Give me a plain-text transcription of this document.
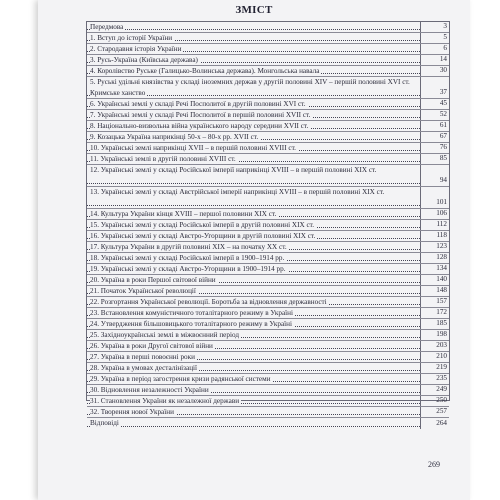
ЗМІСТ
Передмова	3
1. Вступ до історії України	5
2. Стародавня історія України	6
3. Русь-Україна (Київська держава)	14
4. Королівство Руське (Галицько-Волинська держава). Монгольська навала	30
5. Руські удільні князівства у складі іноземних держав у другій половині XIV – першій половині XVI ст. Кримське ханство	37
6. Українські землі у складі Речі Посполитої в другій половині XVI ст.	45
7. Українські землі у складі Речі Посполитої в першій половині XVII ст.	52
8. Національно-визвольна війна українського народу середини XVII ст.	61
9. Козацька Україна наприкінці 50-х – 80-х рр. XVII ст.	67
10. Українські землі наприкінці XVII – в першій половині XVIII ст.	76
11. Українські землі в другій половині XVIII ст.	85
12. Українські землі у складі Російської імперії наприкінці XVIII – в першій половині XIX ст.
94
13. Українські землі у складі Австрійської імперії наприкінці XVIII – в першій половині XIX ст.
101
14. Культура України кінця XVIII – першої половини XIX ст.	106
15. Українські землі у складі Російської імперії в другій половині XIX ст.	112
16. Українські землі у складі Австро-Угорщини в другій половині XIX ст.	118
17. Культура України в другій половині XIX – на початку XX ст.	123
18. Українські землі у складі Російської імперії в 1900–1914 рр.	128
19. Українські землі у складі Австро-Угорщини в 1900–1914 рр.	134
20. Україна в роки Першої світової війни	140
21. Початок Української революції	148
22. Розгортання Української революції. Боротьба за відновлення державності	157
23. Встановлення комуністичного тоталітарного режиму в Україні	172
24. Утвердження більшовицького тоталітарного режиму в Україні	185
25. Західноукраїнські землі в міжвоєнний період	198
26. Україна в роки Другої світової війни	203
27. Україна в перші повоєнні роки	210
28. Україна в умовах десталінізації	219
29. Україна в період загострення кризи радянської системи	235
30. Відновлення незалежності України	249
31. Становлення України як незалежної держави	250
32. Творення нової України	257
Відповіді	264
269
